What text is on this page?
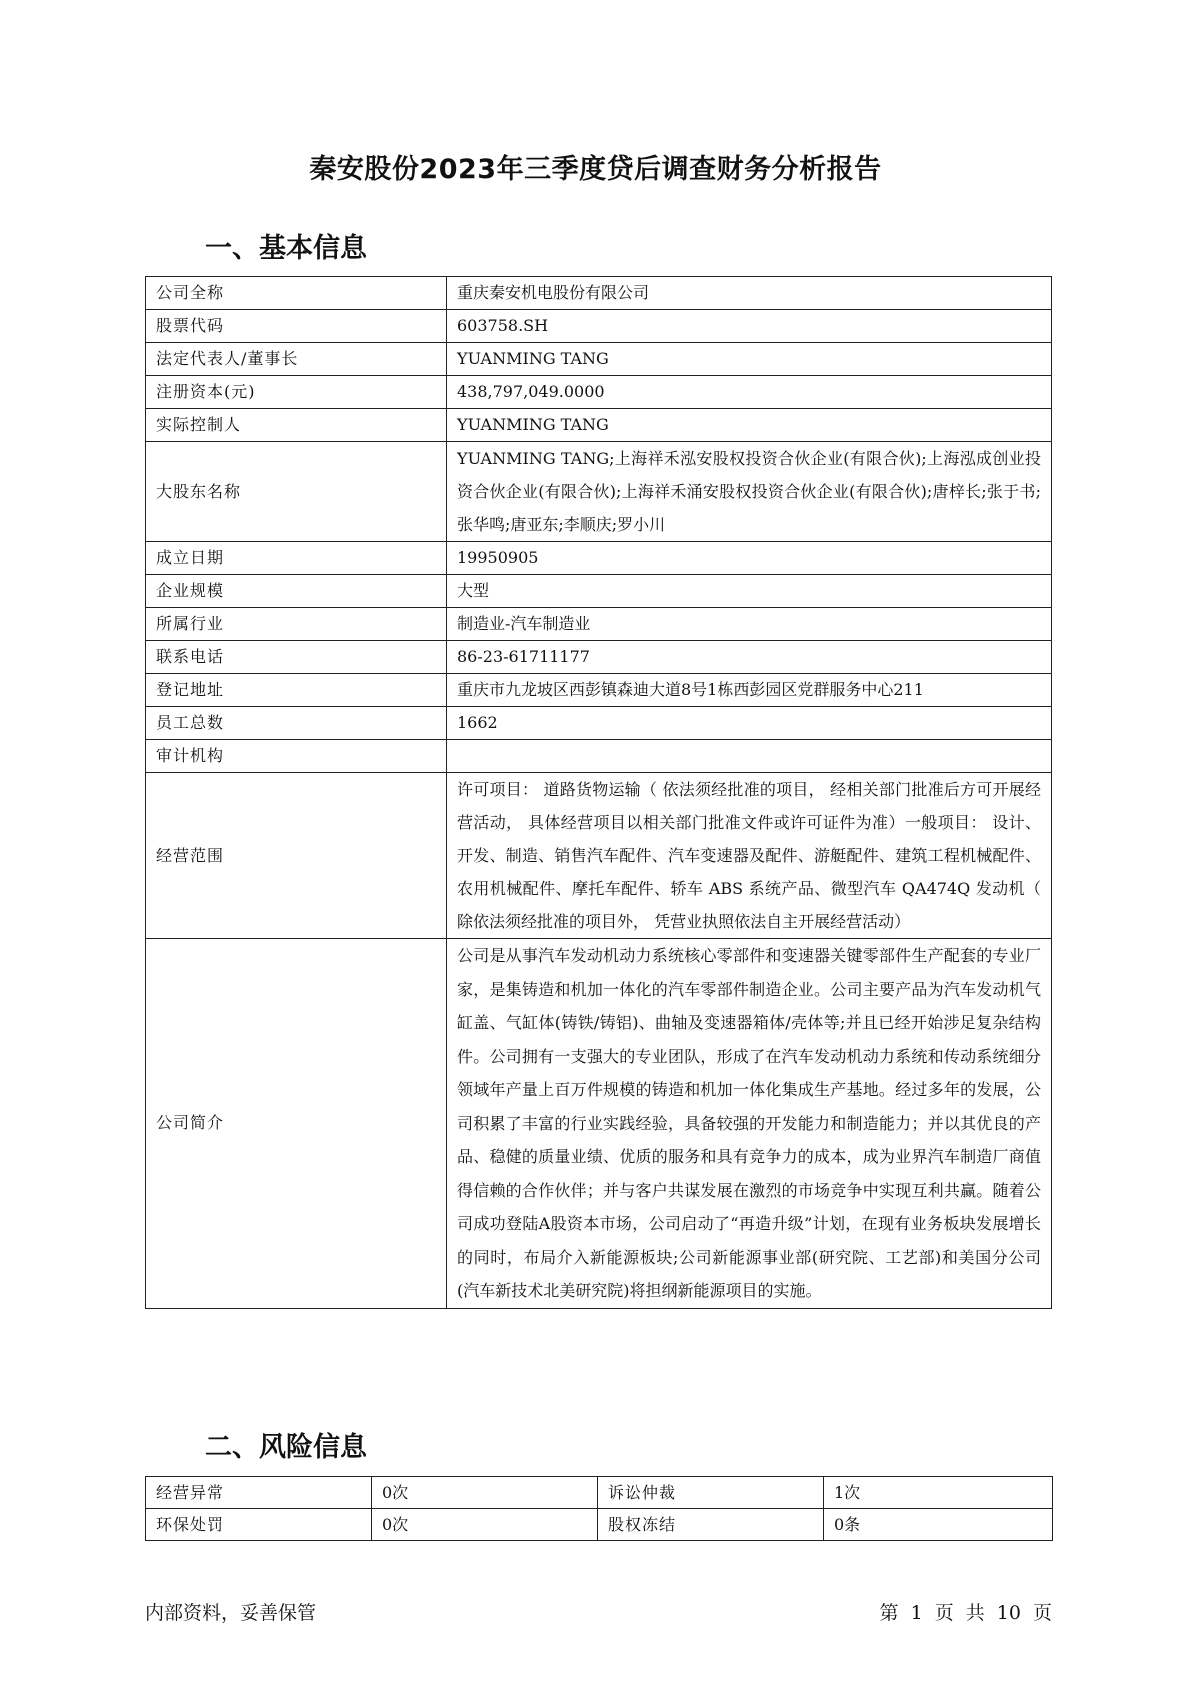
秦安股份2023年三季度贷后调查财务分析报告
一、基本信息
公司全称	重庆秦安机电股份有限公司
股票代码	603758.SH
法定代表人/董事长	YUANMING TANG
注册资本(元)	438,797,049.0000
实际控制人	YUANMING TANG
大股东名称	YUANMING TANG;上海祥禾泓安股权投资合伙企业(有限合伙);上海泓成创业投资合伙企业(有限合伙);上海祥禾涌安股权投资合伙企业(有限合伙);唐梓长;张于书;张华鸣;唐亚东;李顺庆;罗小川
成立日期	19950905
企业规模	大型
所属行业	制造业-汽车制造业
联系电话	86-23-61711177
登记地址	重庆市九龙坡区西彭镇森迪大道8号1栋西彭园区党群服务中心211
员工总数	1662
审计机构	
经营范围	许可项目： 道路货物运输（ 依法须经批准的项目， 经相关部门批准后方可开展经营活动， 具体经营项目以相关部门批准文件或许可证件为准）一般项目： 设计、 开发、制造、销售汽车配件、汽车变速器及配件、游艇配件、建筑工程机械配件、农用机械配件、摩托车配件、轿车 ABS 系统产品、微型汽车 QA474Q 发动机（ 除依法须经批准的项目外， 凭营业执照依法自主开展经营活动）
公司简介	公司是从事汽车发动机动力系统核心零部件和变速器关键零部件生产配套的专业厂家，是集铸造和机加一体化的汽车零部件制造企业。公司主要产品为汽车发动机气缸盖、气缸体(铸铁/铸铝)、曲轴及变速器箱体/壳体等;并且已经开始涉足复杂结构件。公司拥有一支强大的专业团队，形成了在汽车发动机动力系统和传动系统细分领域年产量上百万件规模的铸造和机加一体化集成生产基地。经过多年的发展，公司积累了丰富的行业实践经验，具备较强的开发能力和制造能力；并以其优良的产品、稳健的质量业绩、优质的服务和具有竞争力的成本，成为业界汽车制造厂商值得信赖的合作伙伴；并与客户共谋发展在激烈的市场竞争中实现互利共赢。随着公司成功登陆A股资本市场，公司启动了“再造升级”计划，在现有业务板块发展增长的同时，布局介入新能源板块;公司新能源事业部(研究院、工艺部)和美国分公司(汽车新技术北美研究院)将担纲新能源项目的实施。
二、风险信息
经营异常	0次	诉讼仲裁	1次
环保处罚	0次	股权冻结	0条
内部资料，妥善保管	第 1 页 共 10 页
